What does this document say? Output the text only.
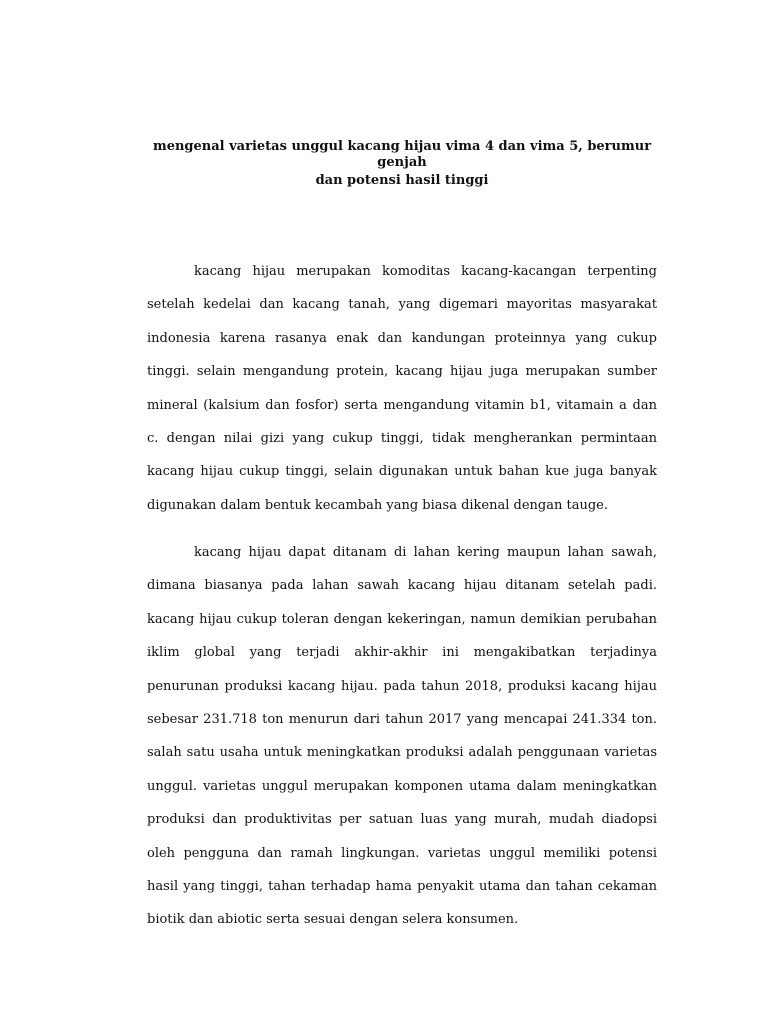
mengenal varietas unggul kacang hijau vima 4 dan vima 5, berumur genjah
dan potensi hasil tinggi

kacang hijau merupakan komoditas kacang-kacangan terpenting setelah kedelai dan kacang tanah, yang digemari mayoritas masyarakat indonesia karena rasanya enak dan kandungan proteinnya yang cukup tinggi. selain mengandung protein, kacang hijau juga merupakan sumber mineral (kalsium dan fosfor) serta mengandung vitamin b1, vitamain a dan c. dengan nilai gizi yang cukup tinggi, tidak mengherankan permintaan kacang hijau cukup tinggi, selain digunakan untuk bahan kue juga banyak digunakan dalam bentuk kecambah yang biasa dikenal dengan tauge.

kacang hijau dapat ditanam di lahan kering maupun lahan sawah, dimana biasanya pada lahan sawah kacang hijau ditanam setelah padi. kacang hijau cukup toleran dengan kekeringan, namun demikian perubahan iklim global yang terjadi akhir-akhir ini mengakibatkan terjadinya penurunan produksi kacang hijau. pada tahun 2018, produksi kacang hijau sebesar 231.718 ton menurun dari tahun 2017 yang mencapai 241.334 ton. salah satu usaha untuk meningkatkan produksi adalah penggunaan varietas unggul. varietas unggul merupakan komponen utama dalam meningkatkan produksi dan produktivitas per satuan luas yang murah, mudah diadopsi oleh pengguna dan ramah lingkungan. varietas unggul memiliki potensi hasil yang tinggi, tahan terhadap hama penyakit utama dan tahan cekaman biotik dan abiotic serta sesuai dengan selera konsumen.
